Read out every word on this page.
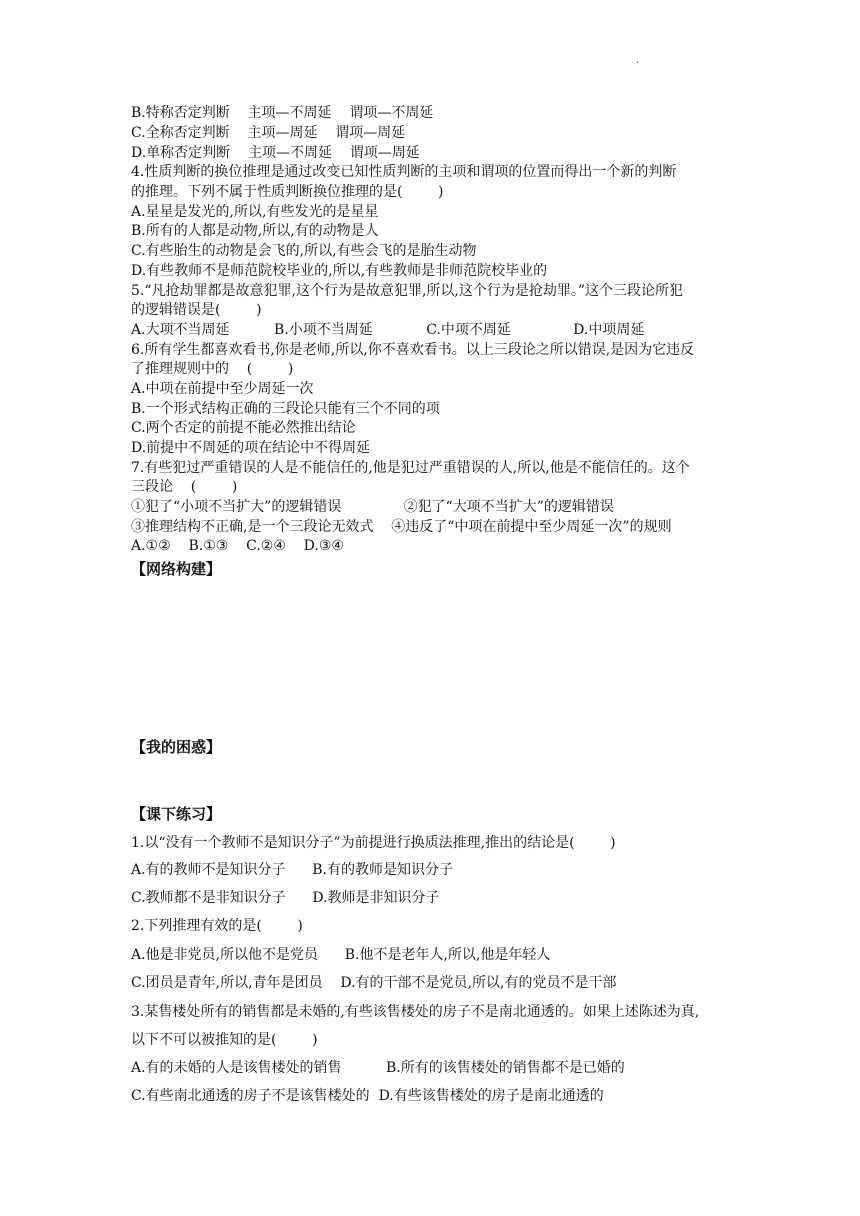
·
B.特称否定判断    主项—不周延    谓项—不周延
C.全称否定判断    主项—周延    谓项—周延
D.单称否定判断    主项—不周延    谓项—周延
4.性质判断的换位推理是通过改变已知性质判断的主项和谓项的位置而得出一个新的判断
的推理。下列不属于性质判断换位推理的是(        )
A.星星是发光的,所以,有些发光的是星星
B.所有的人都是动物,所以,有的动物是人
C.有些胎生的动物是会飞的,所以,有些会飞的是胎生动物
D.有些教师不是师范院校毕业的,所以,有些教师是非师范院校毕业的
5.“凡抢劫罪都是故意犯罪,这个行为是故意犯罪,所以,这个行为是抢劫罪。”这个三段论所犯
的逻辑错误是(        )
A.大项不当周延          B.小项不当周延            C.中项不周延              D.中项周延
6.所有学生都喜欢看书,你是老师,所以,你不喜欢看书。以上三段论之所以错误,是因为它违反
了推理规则中的    (        )
A.中项在前提中至少周延一次
B.一个形式结构正确的三段论只能有三个不同的项
C.两个否定的前提不能必然推出结论
D.前提中不周延的项在结论中不得周延
7.有些犯过严重错误的人是不能信任的,他是犯过严重错误的人,所以,他是不能信任的。这个
三段论    (        )
①犯了“小项不当扩大”的逻辑错误              ②犯了“大项不当扩大”的逻辑错误
③推理结构不正确,是一个三段论无效式    ④违反了“中项在前提中至少周延一次”的规则
A.①②    B.①③    C.②④    D.③④
【网络构建】
【我的困惑】
【课下练习】
1.以“没有一个教师不是知识分子”为前提进行换质法推理,推出的结论是(        )
A.有的教师不是知识分子      B.有的教师是知识分子
C.教师都不是非知识分子      D.教师是非知识分子
2.下列推理有效的是(        )
A.他是非党员,所以他不是党员      B.他不是老年人,所以,他是年轻人
C.团员是青年,所以,青年是团员    D.有的干部不是党员,所以,有的党员不是干部
3.某售楼处所有的销售都是未婚的,有些该售楼处的房子不是南北通透的。如果上述陈述为真,
以下不可以被推知的是(        )
A.有的未婚的人是该售楼处的销售          B.所有的该售楼处的销售都不是已婚的
C.有些南北通透的房子不是该售楼处的  D.有些该售楼处的房子是南北通透的
